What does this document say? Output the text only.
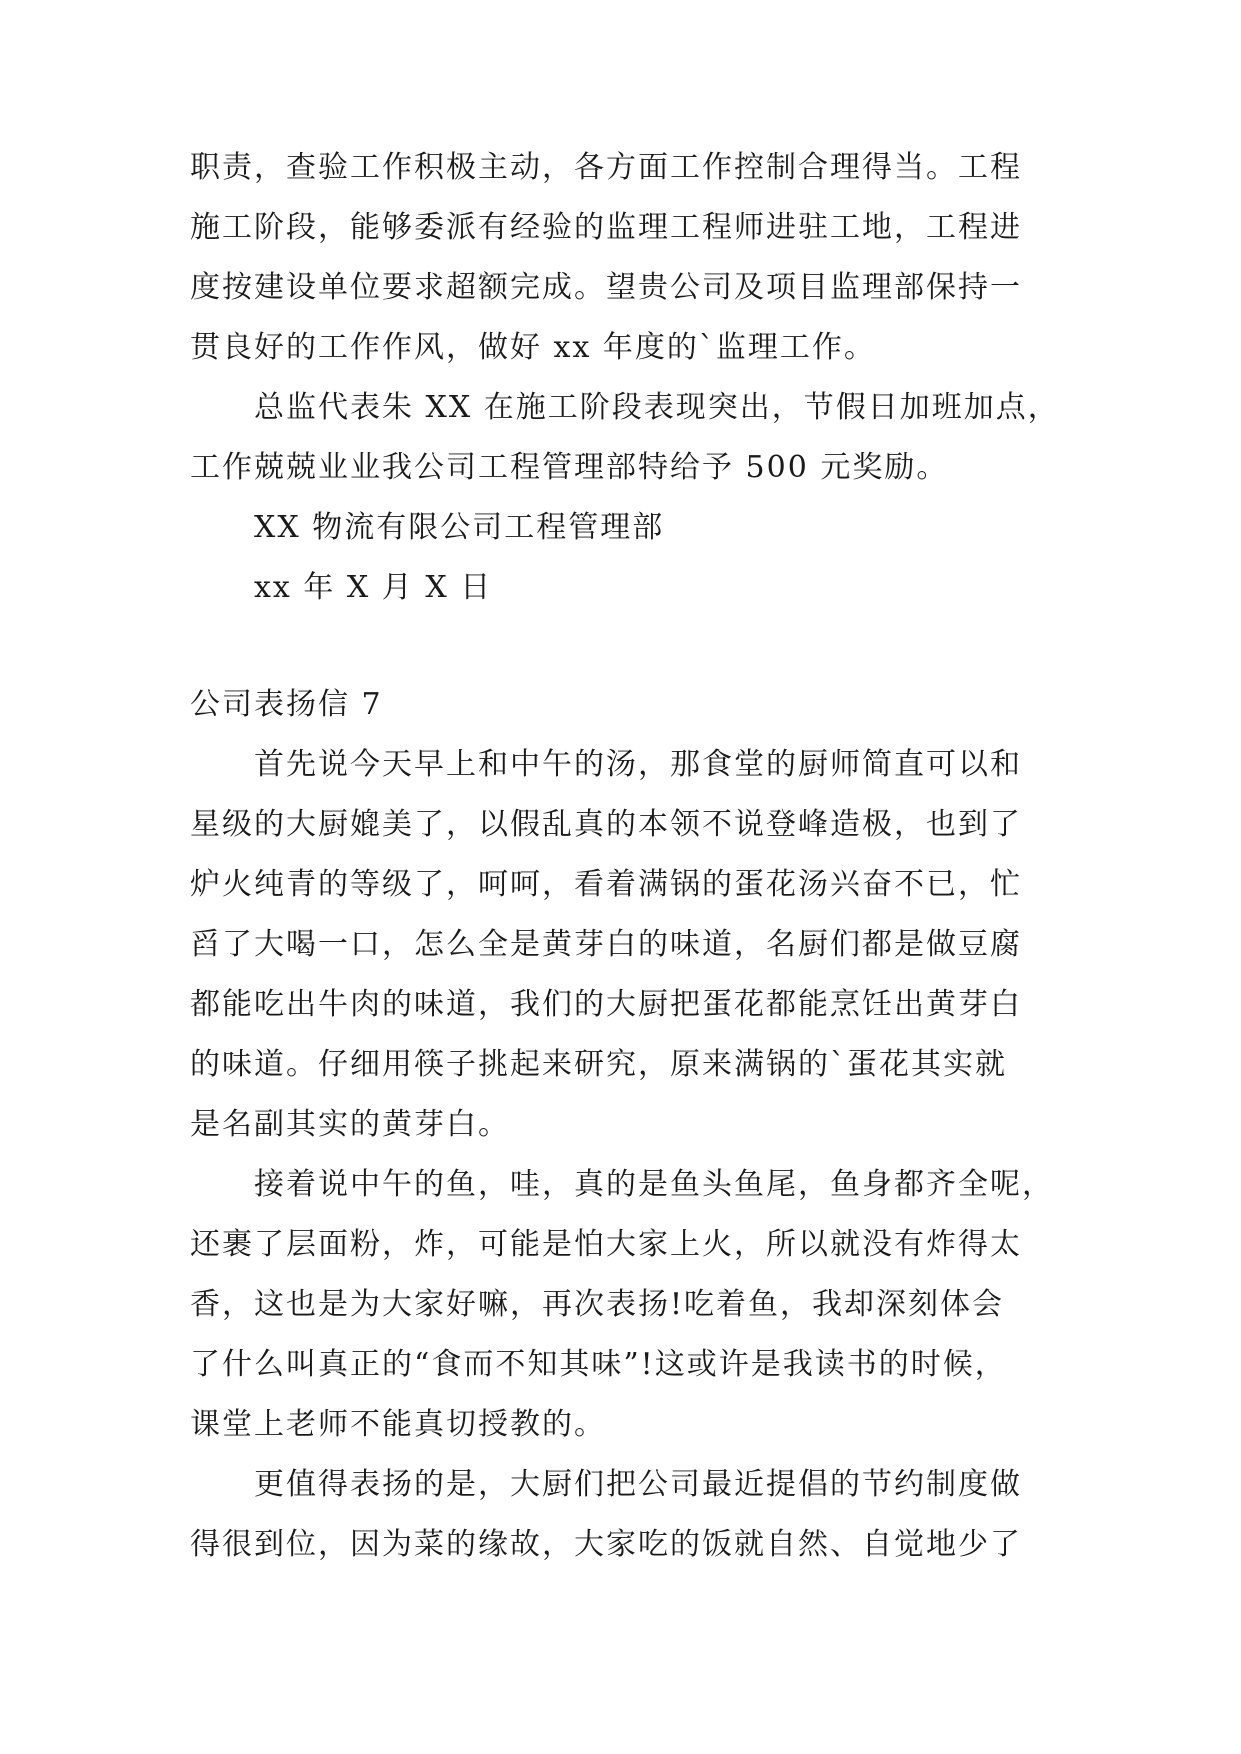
职责，查验工作积极主动，各方面工作控制合理得当。工程
施工阶段，能够委派有经验的监理工程师进驻工地，工程进
度按建设单位要求超额完成。望贵公司及项目监理部保持一
贯良好的工作作风，做好 xx 年度的`监理工作。
总监代表朱 XX 在施工阶段表现突出，节假日加班加点，
工作兢兢业业我公司工程管理部特给予 500 元奖励。
XX 物流有限公司工程管理部
xx 年 X 月 X 日
公司表扬信 7
首先说今天早上和中午的汤，那食堂的厨师简直可以和
星级的大厨媲美了，以假乱真的本领不说登峰造极，也到了
炉火纯青的等级了，呵呵，看着满锅的蛋花汤兴奋不已，忙
舀了大喝一口，怎么全是黄芽白的味道，名厨们都是做豆腐
都能吃出牛肉的味道，我们的大厨把蛋花都能烹饪出黄芽白
的味道。仔细用筷子挑起来研究，原来满锅的`蛋花其实就
是名副其实的黄芽白。
接着说中午的鱼，哇，真的是鱼头鱼尾，鱼身都齐全呢，
还裹了层面粉，炸，可能是怕大家上火，所以就没有炸得太
香，这也是为大家好嘛，再次表扬!吃着鱼，我却深刻体会
了什么叫真正的“食而不知其味”!这或许是我读书的时候，
课堂上老师不能真切授教的。
更值得表扬的是，大厨们把公司最近提倡的节约制度做
得很到位，因为菜的缘故，大家吃的饭就自然、自觉地少了
